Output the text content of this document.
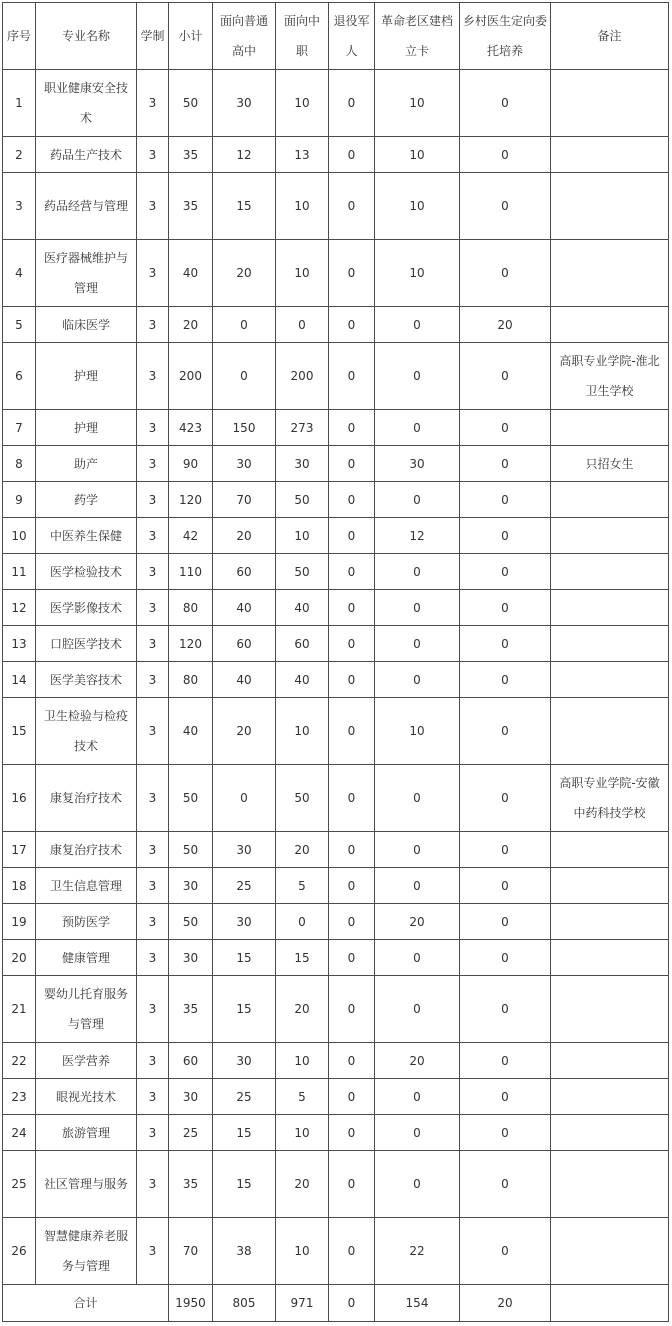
序号	专业名称	学制	小计	面向普通高中	面向中职	退役军人	革命老区建档立卡	乡村医生定向委托培养	备注
1	职业健康安全技术	3	50	30	10	0	10	0	
2	药品生产技术	3	35	12	13	0	10	0	
3	药品经营与管理	3	35	15	10	0	10	0	
4	医疗器械维护与管理	3	40	20	10	0	10	0	
5	临床医学	3	20	0	0	0	0	20	
6	护理	3	200	0	200	0	0	0	高职专业学院-淮北卫生学校
7	护理	3	423	150	273	0	0	0	
8	助产	3	90	30	30	0	30	0	只招女生
9	药学	3	120	70	50	0	0	0	
10	中医养生保健	3	42	20	10	0	12	0	
11	医学检验技术	3	110	60	50	0	0	0	
12	医学影像技术	3	80	40	40	0	0	0	
13	口腔医学技术	3	120	60	60	0	0	0	
14	医学美容技术	3	80	40	40	0	0	0	
15	卫生检验与检疫技术	3	40	20	10	0	10	0	
16	康复治疗技术	3	50	0	50	0	0	0	高职专业学院-安徽中药科技学校
17	康复治疗技术	3	50	30	20	0	0	0	
18	卫生信息管理	3	30	25	5	0	0	0	
19	预防医学	3	50	30	0	0	20	0	
20	健康管理	3	30	15	15	0	0	0	
21	婴幼儿托育服务与管理	3	35	15	20	0	0	0	
22	医学营养	3	60	30	10	0	20	0	
23	眼视光技术	3	30	25	5	0	0	0	
24	旅游管理	3	25	15	10	0	0	0	
25	社区管理与服务	3	35	15	20	0	0	0	
26	智慧健康养老服务与管理	3	70	38	10	0	22	0	
合计			1950	805	971	0	154	20	
